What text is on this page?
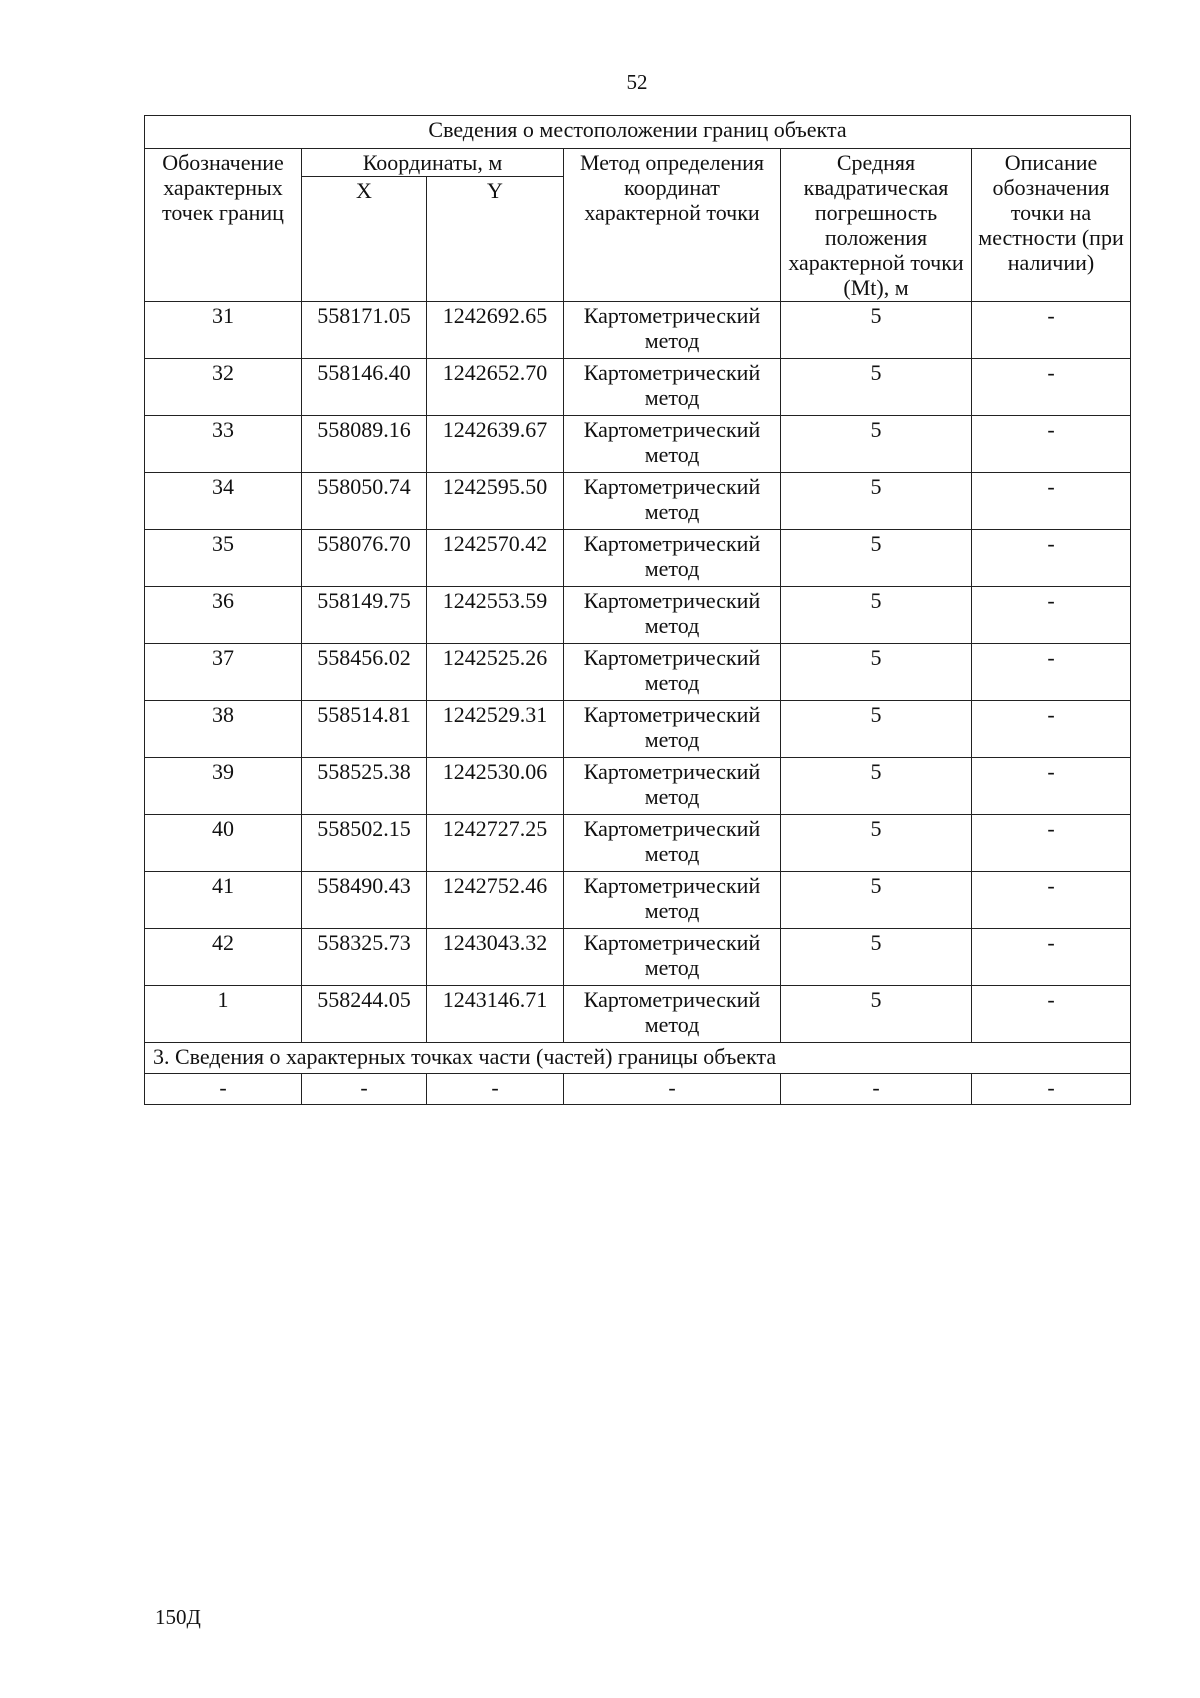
52
Сведения о местоположении границ объекта					
Обозначение характерных точек границ	Координаты, м		Метод определения координат характерной точки	Средняя квадратическая погрешность положения характерной точки (Mt), м	Описание обозначения точки на местности (при наличии)
	X	Y			
31	558171.05	1242692.65	Картометрический метод	5	-
32	558146.40	1242652.70	Картометрический метод	5	-
33	558089.16	1242639.67	Картометрический метод	5	-
34	558050.74	1242595.50	Картометрический метод	5	-
35	558076.70	1242570.42	Картометрический метод	5	-
36	558149.75	1242553.59	Картометрический метод	5	-
37	558456.02	1242525.26	Картометрический метод	5	-
38	558514.81	1242529.31	Картометрический метод	5	-
39	558525.38	1242530.06	Картометрический метод	5	-
40	558502.15	1242727.25	Картометрический метод	5	-
41	558490.43	1242752.46	Картометрический метод	5	-
42	558325.73	1243043.32	Картометрический метод	5	-
1	558244.05	1243146.71	Картометрический метод	5	-
3. Сведения о характерных точках части (частей) границы объекта					
-	-	-	-	-	-
150Д
